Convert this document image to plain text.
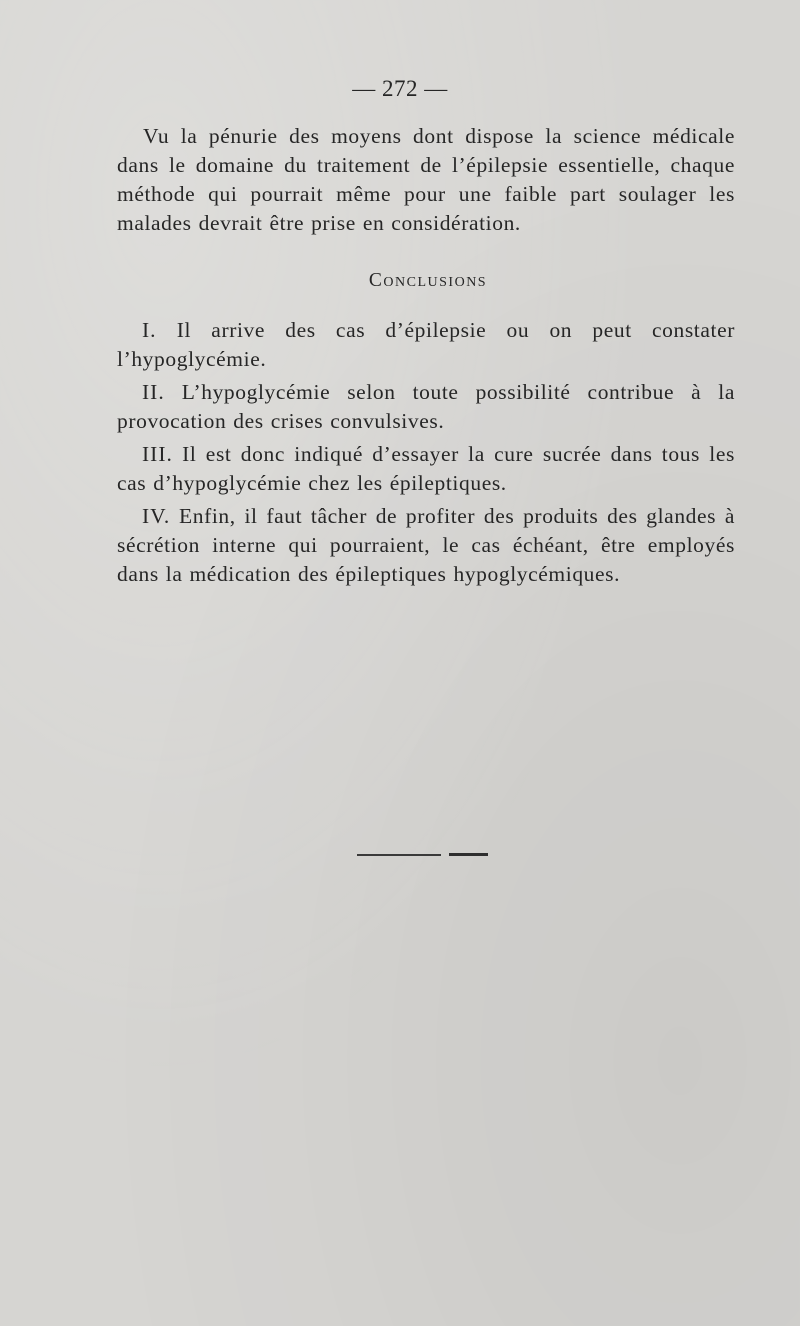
— 272 —
Vu la pénurie des moyens dont dispose la science médicale dans le domaine du traitement de l’épilepsie essentielle, chaque méthode qui pourrait même pour une faible part soulager les malades devrait être prise en considération.
Conclusions

I. Il arrive des cas d’épilepsie ou on peut constater l’hypoglycémie.

II. L’hypoglycémie selon toute possibilité contribue à la provocation des crises convulsives.

III. Il est donc indiqué d’essayer la cure sucrée dans tous les cas d’hypoglycémie chez les épileptiques.

IV. Enfin, il faut tâcher de profiter des produits des glandes à sécrétion interne qui pourraient, le cas échéant, être employés dans la médication des épileptiques hypoglycémiques.
